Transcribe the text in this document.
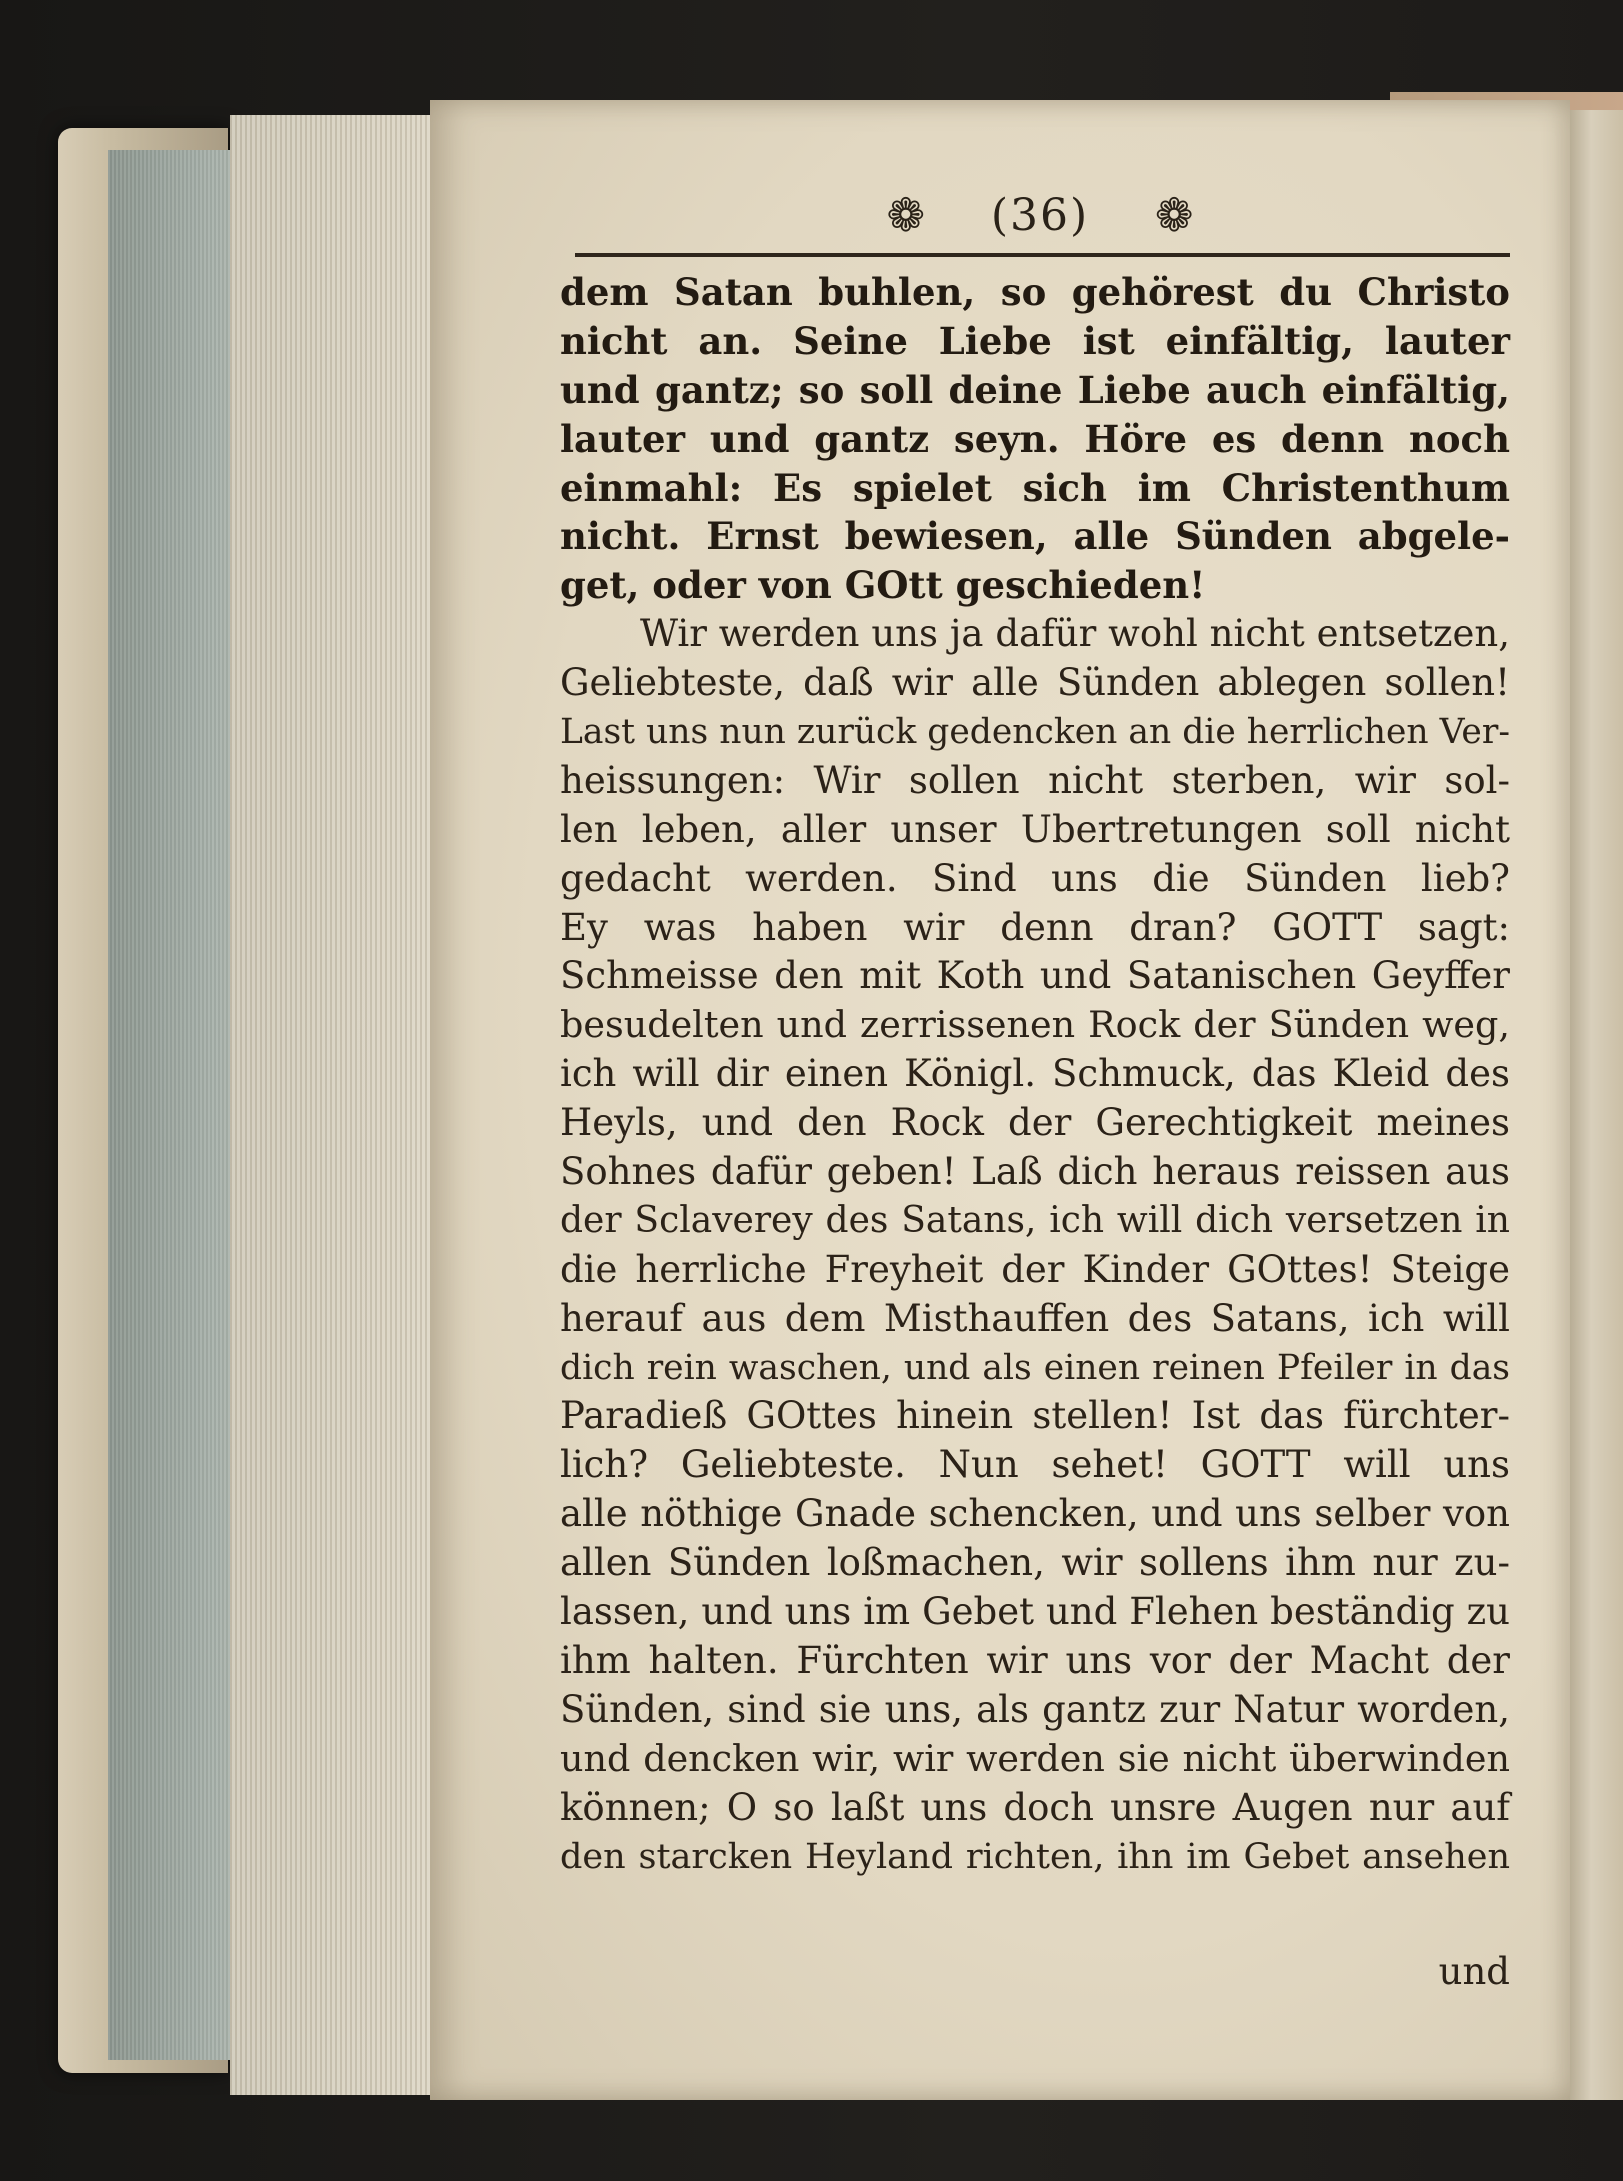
❁ (36) ❁
dem Satan buhlen, so gehörest du Christo
nicht an. Seine Liebe ist einfältig, lauter
und gantz; so soll deine Liebe auch einfältig,
lauter und gantz seyn. Höre es denn noch
einmahl: Es spielet sich im Christenthum
nicht. Ernst bewiesen, alle Sünden abgele-
get, oder von GOtt geschieden!
Wir werden uns ja dafür wohl nicht entsetzen,
Geliebteste, daß wir alle Sünden ablegen sollen!
Last uns nun zurück gedencken an die herrlichen Ver-
heissungen: Wir sollen nicht sterben, wir sol-
len leben, aller unser Ubertretungen soll nicht
gedacht werden. Sind uns die Sünden lieb?
Ey was haben wir denn dran? GOTT sagt:
Schmeisse den mit Koth und Satanischen Geyffer
besudelten und zerrissenen Rock der Sünden weg,
ich will dir einen Königl. Schmuck, das Kleid des
Heyls, und den Rock der Gerechtigkeit meines
Sohnes dafür geben! Laß dich heraus reissen aus
der Sclaverey des Satans, ich will dich versetzen in
die herrliche Freyheit der Kinder GOttes! Steige
herauf aus dem Misthauffen des Satans, ich will
dich rein waschen, und als einen reinen Pfeiler in das
Paradieß GOttes hinein stellen! Ist das fürchter-
lich? Geliebteste. Nun sehet! GOTT will uns
alle nöthige Gnade schencken, und uns selber von
allen Sünden loßmachen, wir sollens ihm nur zu-
lassen, und uns im Gebet und Flehen beständig zu
ihm halten. Fürchten wir uns vor der Macht der
Sünden, sind sie uns, als gantz zur Natur worden,
und dencken wir, wir werden sie nicht überwinden
können; O so laßt uns doch unsre Augen nur auf
den starcken Heyland richten, ihn im Gebet ansehen
und
